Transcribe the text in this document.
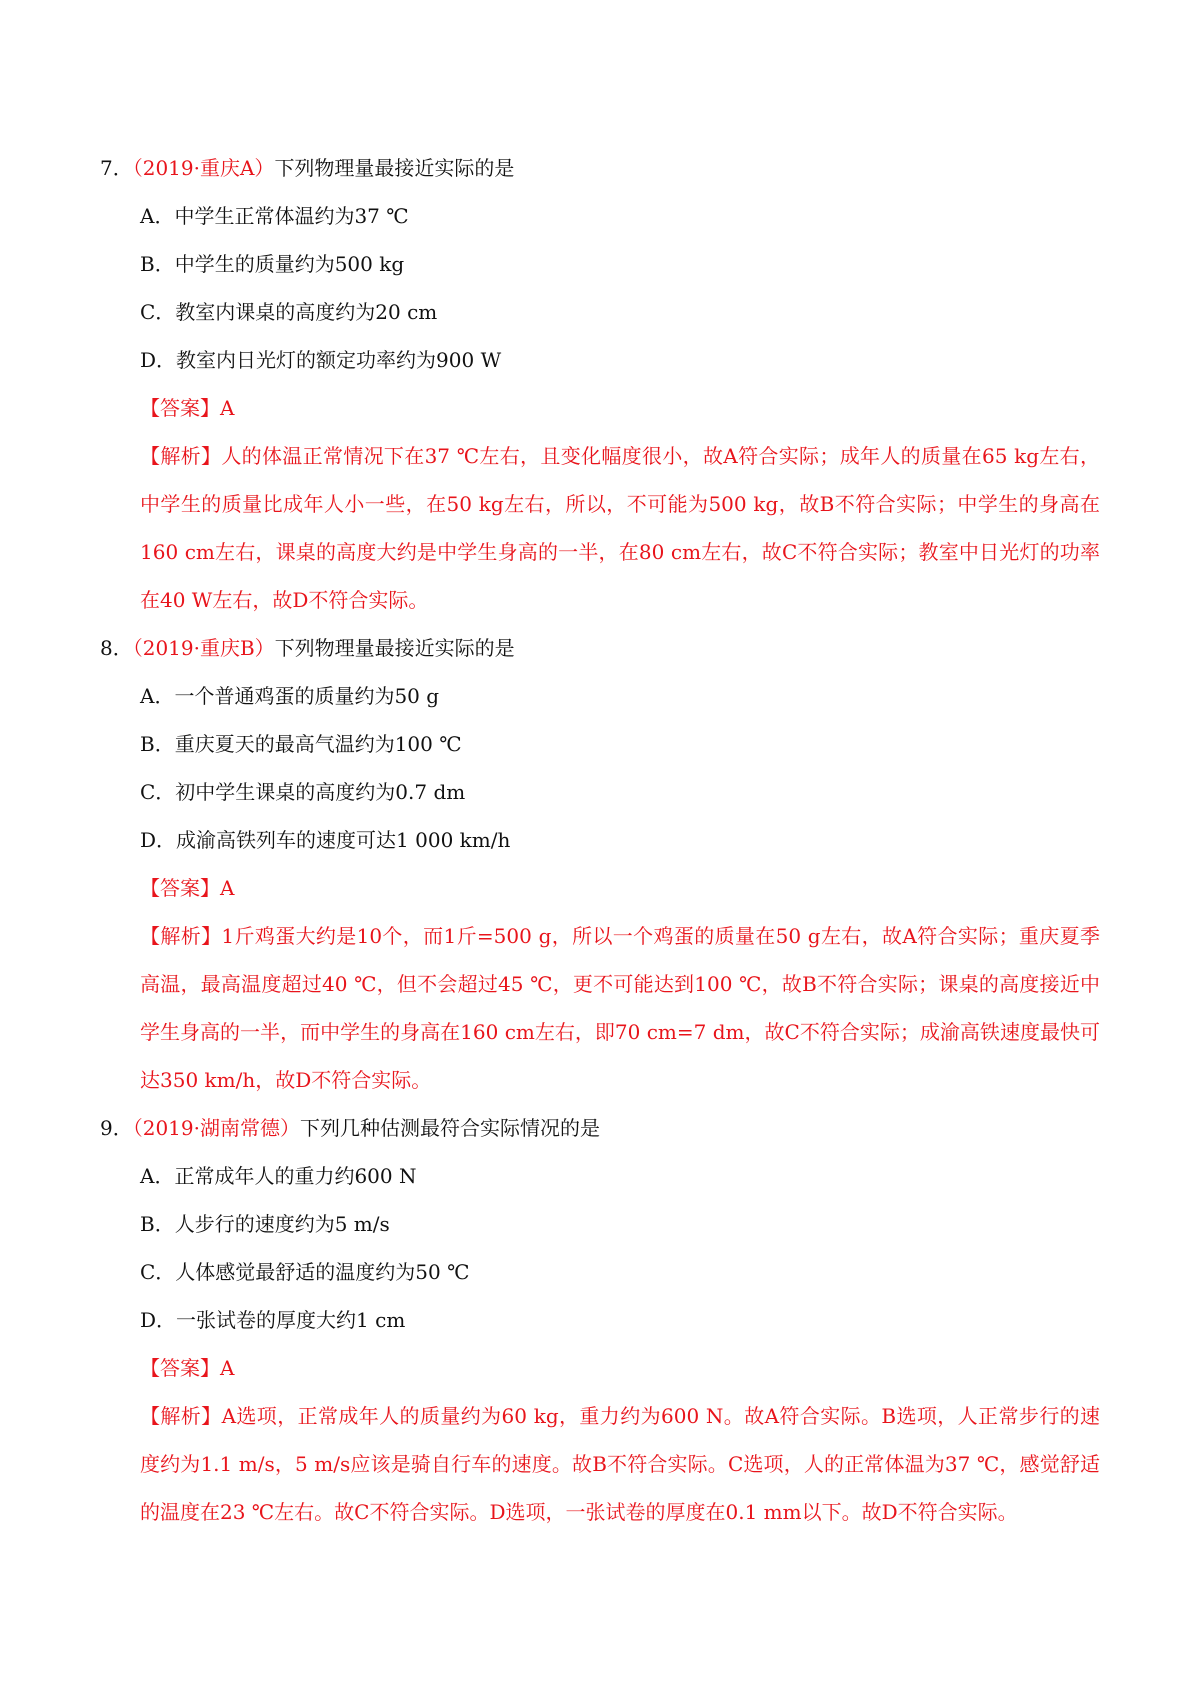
7．（2019·重庆A）下列物理量最接近实际的是
A．中学生正常体温约为37 ℃
B．中学生的质量约为500 kg
C．教室内课桌的高度约为20 cm
D．教室内日光灯的额定功率约为900 W
【答案】A
【解析】人的体温正常情况下在37 ℃左右，且变化幅度很小，故A符合实际；成年人的质量在65 kg左右，中学生的质量比成年人小一些，在50 kg左右，所以，不可能为500 kg，故B不符合实际；中学生的身高在160 cm左右，课桌的高度大约是中学生身高的一半，在80 cm左右，故C不符合实际；教室中日光灯的功率在40 W左右，故D不符合实际。
8．（2019·重庆B）下列物理量最接近实际的是
A．一个普通鸡蛋的质量约为50 g
B．重庆夏天的最高气温约为100 ℃
C．初中学生课桌的高度约为0.7 dm
D．成渝高铁列车的速度可达1 000 km/h
【答案】A
【解析】1斤鸡蛋大约是10个，而1斤=500 g，所以一个鸡蛋的质量在50 g左右，故A符合实际；重庆夏季高温，最高温度超过40 ℃，但不会超过45 ℃，更不可能达到100 ℃，故B不符合实际；课桌的高度接近中学生身高的一半，而中学生的身高在160 cm左右，即70 cm=7 dm，故C不符合实际；成渝高铁速度最快可达350 km/h，故D不符合实际。
9．（2019·湖南常德）下列几种估测最符合实际情况的是
A．正常成年人的重力约600 N
B．人步行的速度约为5 m/s
C．人体感觉最舒适的温度约为50 ℃
D．一张试卷的厚度大约1 cm
【答案】A
【解析】A选项，正常成年人的质量约为60 kg，重力约为600 N。故A符合实际。B选项，人正常步行的速度约为1.1 m/s，5 m/s应该是骑自行车的速度。故B不符合实际。C选项，人的正常体温为37 ℃，感觉舒适的温度在23 ℃左右。故C不符合实际。D选项，一张试卷的厚度在0.1 mm以下。故D不符合实际。
